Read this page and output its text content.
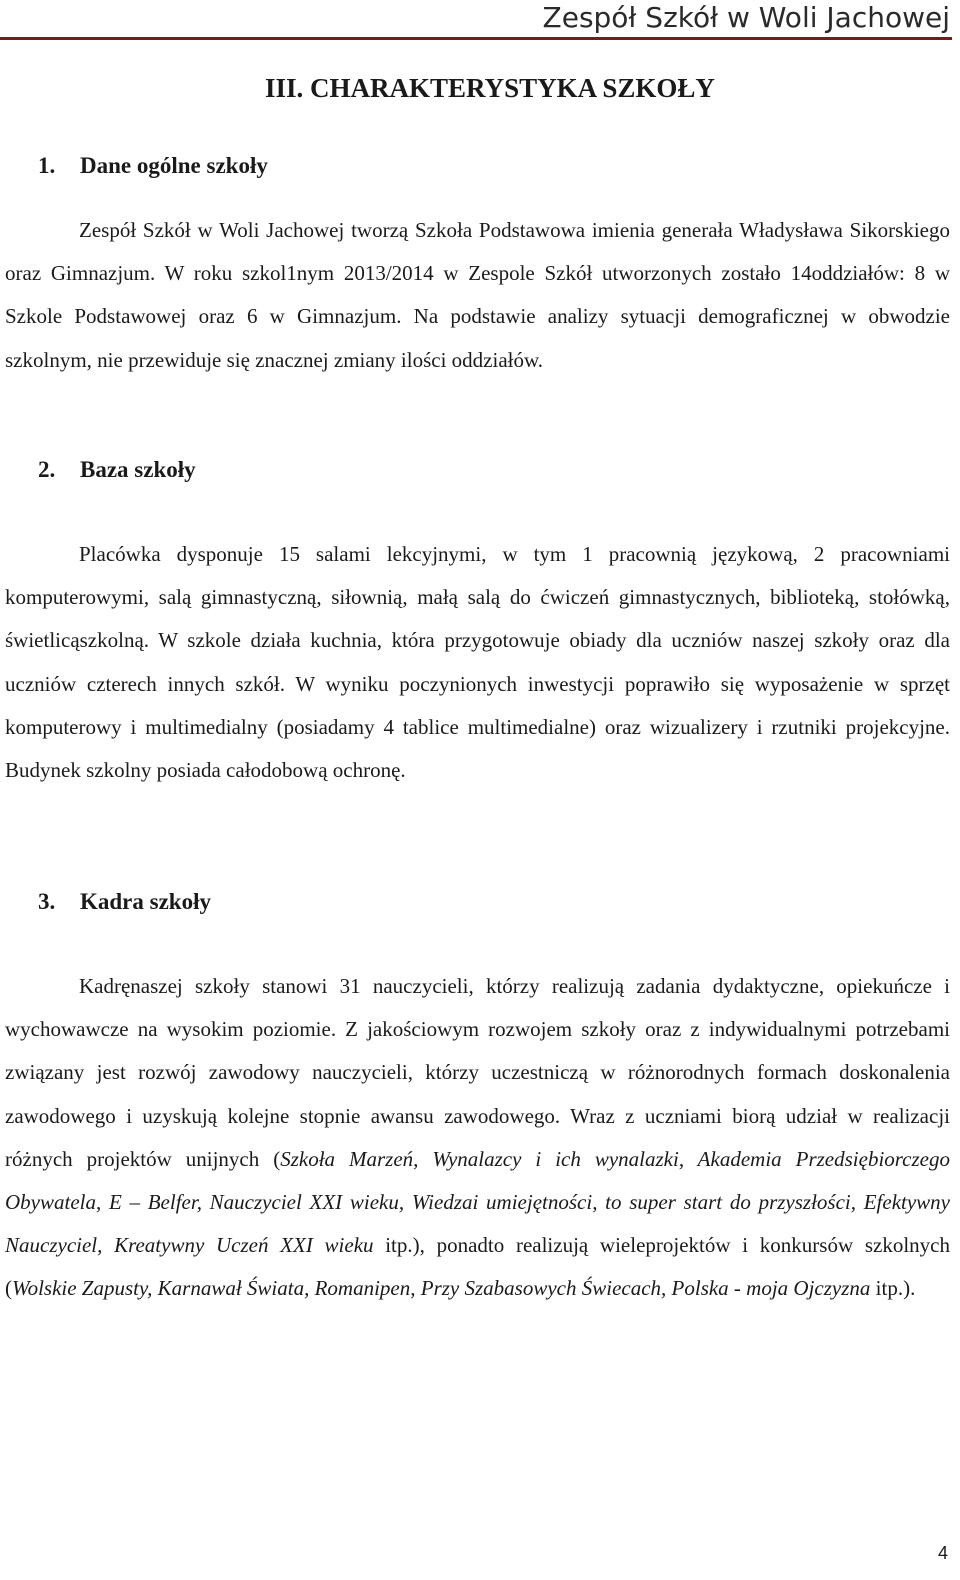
Zespół Szkół w Woli Jachowej
III. CHARAKTERYSTYKA SZKOŁY
1. Dane ogólne szkoły

Zespół Szkół w Woli Jachowej tworzą Szkoła Podstawowa imienia generała Władysława Sikorskiego oraz Gimnazjum. W roku szkol1nym 2013/2014 w Zespole Szkół utworzonych zostało 14oddziałów: 8 w Szkole Podstawowej oraz 6 w Gimnazjum. Na podstawie analizy sytuacji demograficznej w obwodzie szkolnym, nie przewiduje się znacznej zmiany ilości oddziałów.

2. Baza szkoły

Placówka dysponuje 15 salami lekcyjnymi, w tym 1 pracownią językową, 2 pracowniami komputerowymi, salą gimnastyczną, siłownią, małą salą do ćwiczeń gimnastycznych, biblioteką, stołówką, świetlicąszkolną. W szkole działa kuchnia, która przygotowuje obiady dla uczniów naszej szkoły oraz dla uczniów czterech innych szkół. W wyniku poczynionych inwestycji poprawiło się wyposażenie w sprzęt komputerowy i multimedialny (posiadamy 4 tablice multimedialne) oraz wizualizery i rzutniki projekcyjne. Budynek szkolny posiada całodobową ochronę.

3. Kadra szkoły

Kadręnaszej szkoły stanowi 31 nauczycieli, którzy realizują zadania dydaktyczne, opiekuńcze i wychowawcze na wysokim poziomie. Z jakościowym rozwojem szkoły oraz z indywidualnymi potrzebami związany jest rozwój zawodowy nauczycieli, którzy uczestniczą w różnorodnych formach doskonalenia zawodowego i uzyskują kolejne stopnie awansu zawodowego. Wraz z uczniami biorą udział w realizacji różnych projektów unijnych (Szkoła Marzeń, Wynalazcy i ich wynalazki, Akademia Przedsiębiorczego Obywatela, E – Belfer, Nauczyciel XXI wieku, Wiedzai umiejętności, to super start do przyszłości, Efektywny Nauczyciel, Kreatywny Uczeń XXI wieku itp.), ponadto realizują wieleprojektów i konkursów szkolnych (Wolskie Zapusty, Karnawał Świata, Romanipen, Przy Szabasowych Świecach, Polska - moja Ojczyzna itp.).

4
